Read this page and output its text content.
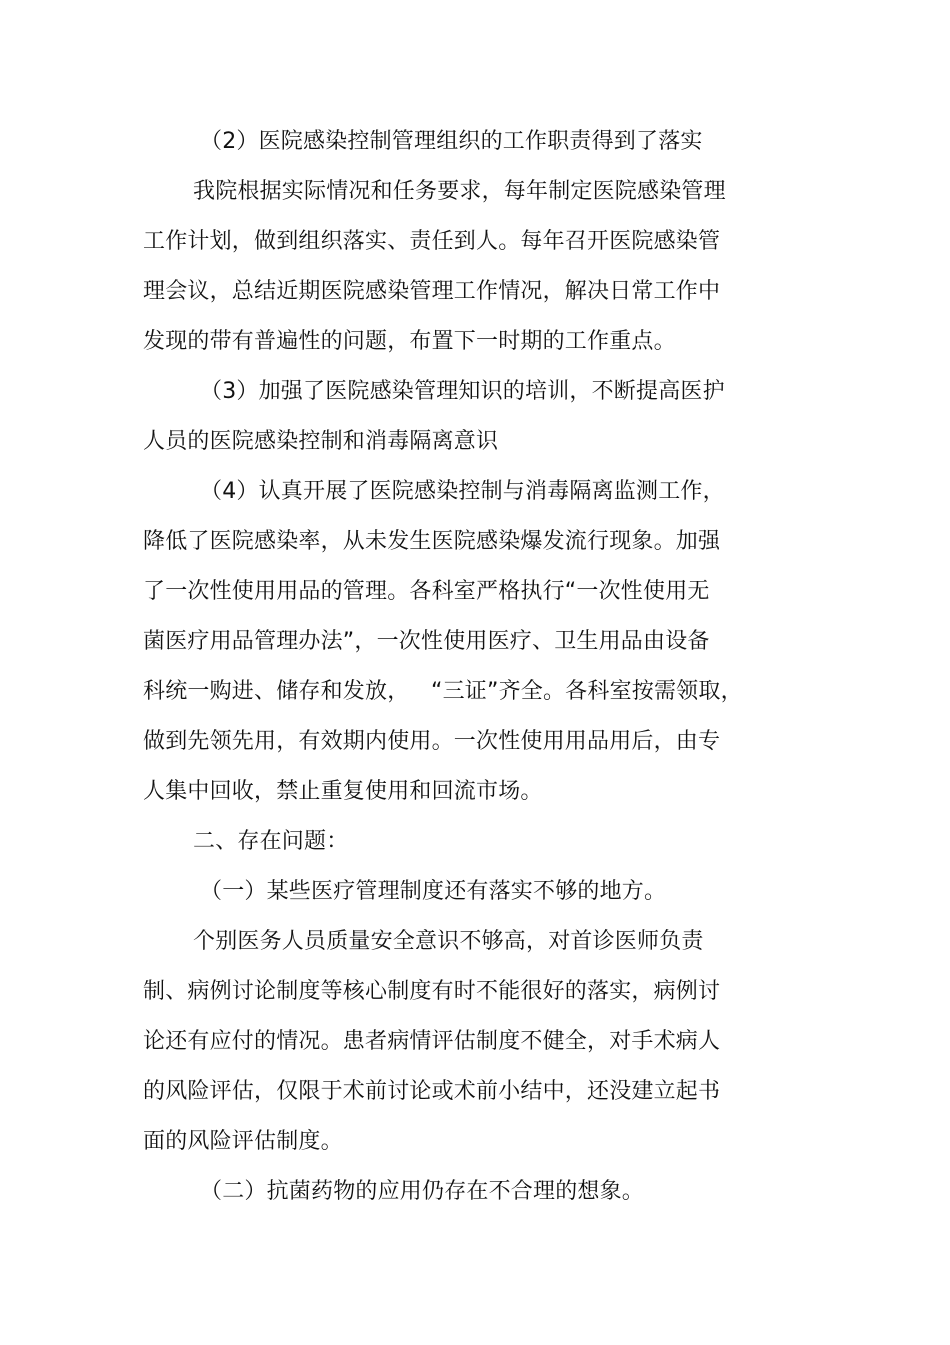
（2）医院感染控制管理组织的工作职责得到了落实
我院根据实际情况和任务要求，每年制定医院感染管理
工作计划，做到组织落实、责任到人。每年召开医院感染管
理会议，总结近期医院感染管理工作情况，解决日常工作中
发现的带有普遍性的问题，布置下一时期的工作重点。
（3）加强了医院感染管理知识的培训，不断提高医护
人员的医院感染控制和消毒隔离意识
（4）认真开展了医院感染控制与消毒隔离监测工作，
降低了医院感染率，从未发生医院感染爆发流行现象。加强
了一次性使用用品的管理。各科室严格执行“一次性使用无
菌医疗用品管理办法”，一次性使用医疗、卫生用品由设备
科统一购进、储存和发放，   “三证”齐全。各科室按需领取，
做到先领先用，有效期内使用。一次性使用用品用后，由专
人集中回收，禁止重复使用和回流市场。
二、存在问题：
（一）某些医疗管理制度还有落实不够的地方。
个别医务人员质量安全意识不够高，对首诊医师负责
制、病例讨论制度等核心制度有时不能很好的落实，病例讨
论还有应付的情况。患者病情评估制度不健全，对手术病人
的风险评估，仅限于术前讨论或术前小结中，还没建立起书
面的风险评估制度。
（二）抗菌药物的应用仍存在不合理的想象。
